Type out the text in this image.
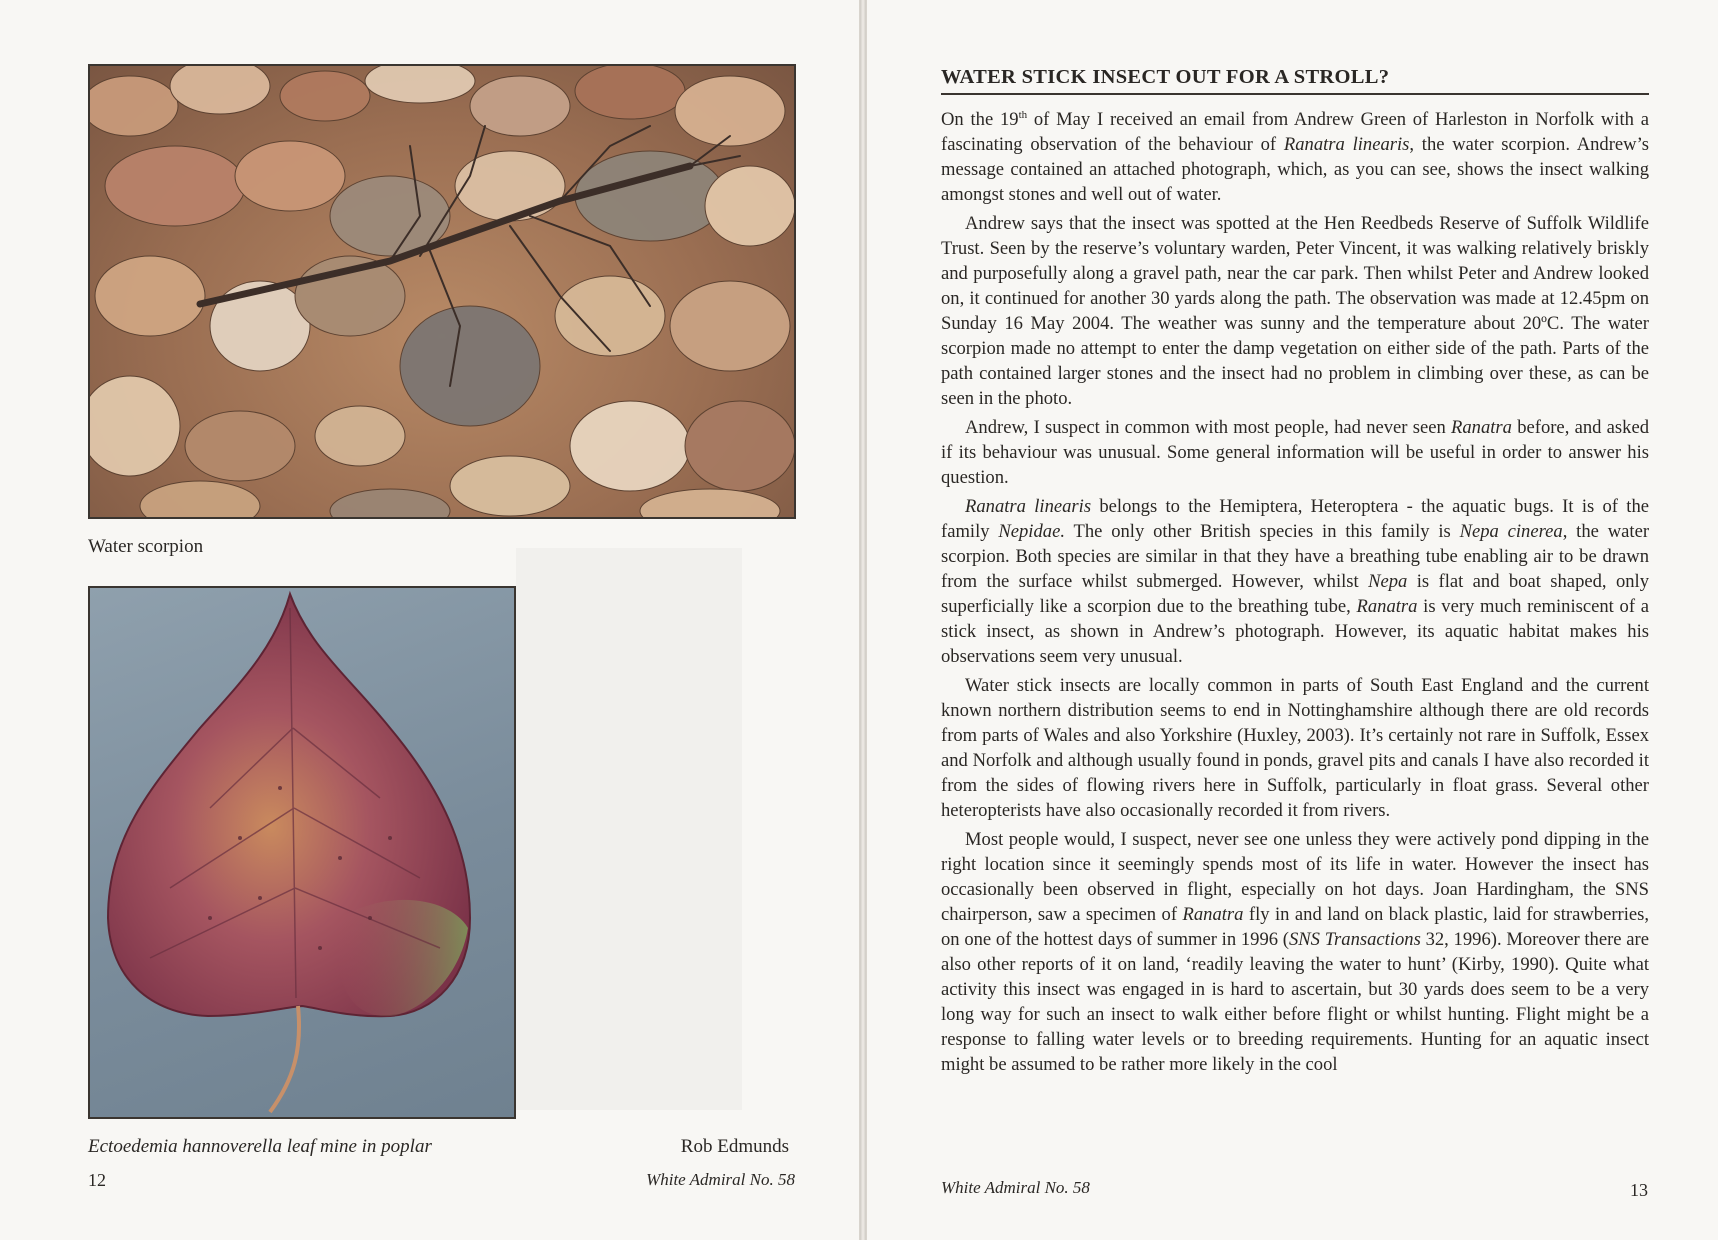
Water scorpion
Ectoedemia hannoverella leaf mine in poplar	Rob Edmunds
12	White Admiral No. 58
WATER STICK INSECT OUT FOR A STROLL?

On the 19th of May I received an email from Andrew Green of Harleston in Norfolk with a fascinating observation of the behaviour of Ranatra linearis, the water scorpion. Andrew’s message contained an attached photograph, which, as you can see, shows the insect walking amongst stones and well out of water.

Andrew says that the insect was spotted at the Hen Reedbeds Reserve of Suffolk Wildlife Trust. Seen by the reserve’s voluntary warden, Peter Vincent, it was walking relatively briskly and purposefully along a gravel path, near the car park. Then whilst Peter and Andrew looked on, it continued for another 30 yards along the path. The observation was made at 12.45pm on Sunday 16 May 2004. The weather was sunny and the temperature about 20ºC. The water scorpion made no attempt to enter the damp vegetation on either side of the path. Parts of the path contained larger stones and the insect had no problem in climbing over these, as can be seen in the photo.

Andrew, I suspect in common with most people, had never seen Ranatra before, and asked if its behaviour was unusual. Some general information will be useful in order to answer his question.

Ranatra linearis belongs to the Hemiptera, Heteroptera - the aquatic bugs. It is of the family Nepidae. The only other British species in this family is Nepa cinerea, the water scorpion. Both species are similar in that they have a breathing tube enabling air to be drawn from the surface whilst submerged. However, whilst Nepa is flat and boat shaped, only superficially like a scorpion due to the breathing tube, Ranatra is very much reminiscent of a stick insect, as shown in Andrew’s photograph. However, its aquatic habitat makes his observations seem very unusual.

Water stick insects are locally common in parts of South East England and the current known northern distribution seems to end in Nottinghamshire although there are old records from parts of Wales and also Yorkshire (Huxley, 2003). It’s certainly not rare in Suffolk, Essex and Norfolk and although usually found in ponds, gravel pits and canals I have also recorded it from the sides of flowing rivers here in Suffolk, particularly in float grass. Several other heteropterists have also occasionally recorded it from rivers.

Most people would, I suspect, never see one unless they were actively pond dipping in the right location since it seemingly spends most of its life in water. However the insect has occasionally been observed in flight, especially on hot days. Joan Hardingham, the SNS chairperson, saw a specimen of Ranatra fly in and land on black plastic, laid for strawberries, on one of the hottest days of summer in 1996 (SNS Transactions 32, 1996). Moreover there are also other reports of it on land, ‘readily leaving the water to hunt’ (Kirby, 1990). Quite what activity this insect was engaged in is hard to ascertain, but 30 yards does seem to be a very long way for such an insect to walk either before flight or whilst hunting. Flight might be a response to falling water levels or to breeding requirements. Hunting for an aquatic insect might be assumed to be rather more likely in the cool

White Admiral No. 58	13
